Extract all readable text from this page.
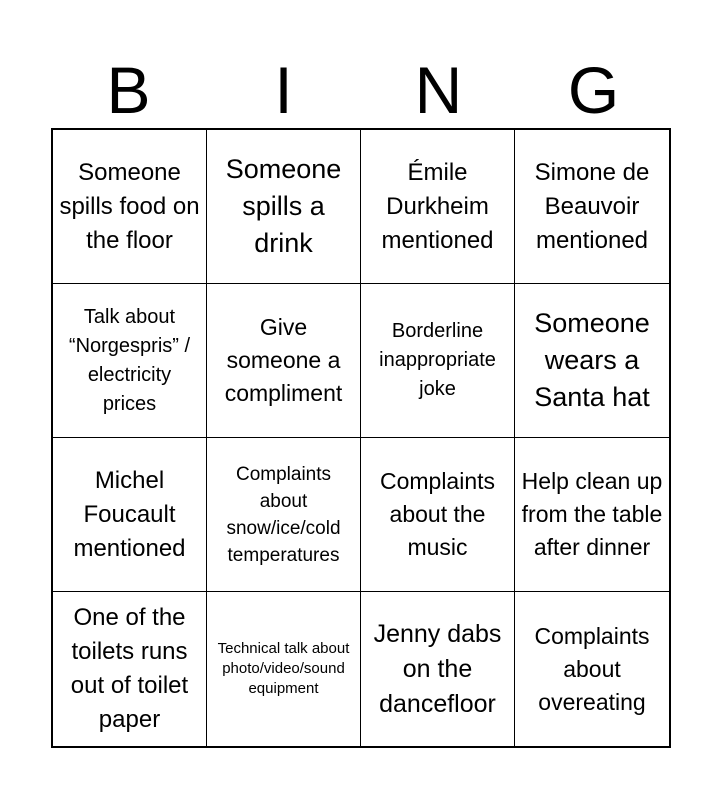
B	I	N	G
Someone spills food on the floor
Someone spills a drink
Émile Durkheim mentioned
Simone de Beauvoir mentioned
Talk about “Norgespris” / electricity prices
Give someone a compliment
Borderline inappropriate joke
Someone wears a Santa hat
Michel Foucault mentioned
Complaints about snow/ice/cold temperatures
Complaints about the music
Help clean up from the table after dinner
One of the toilets runs out of toilet paper
Technical talk about photo/video/sound equipment
Jenny dabs on the dancefloor
Complaints about overeating
